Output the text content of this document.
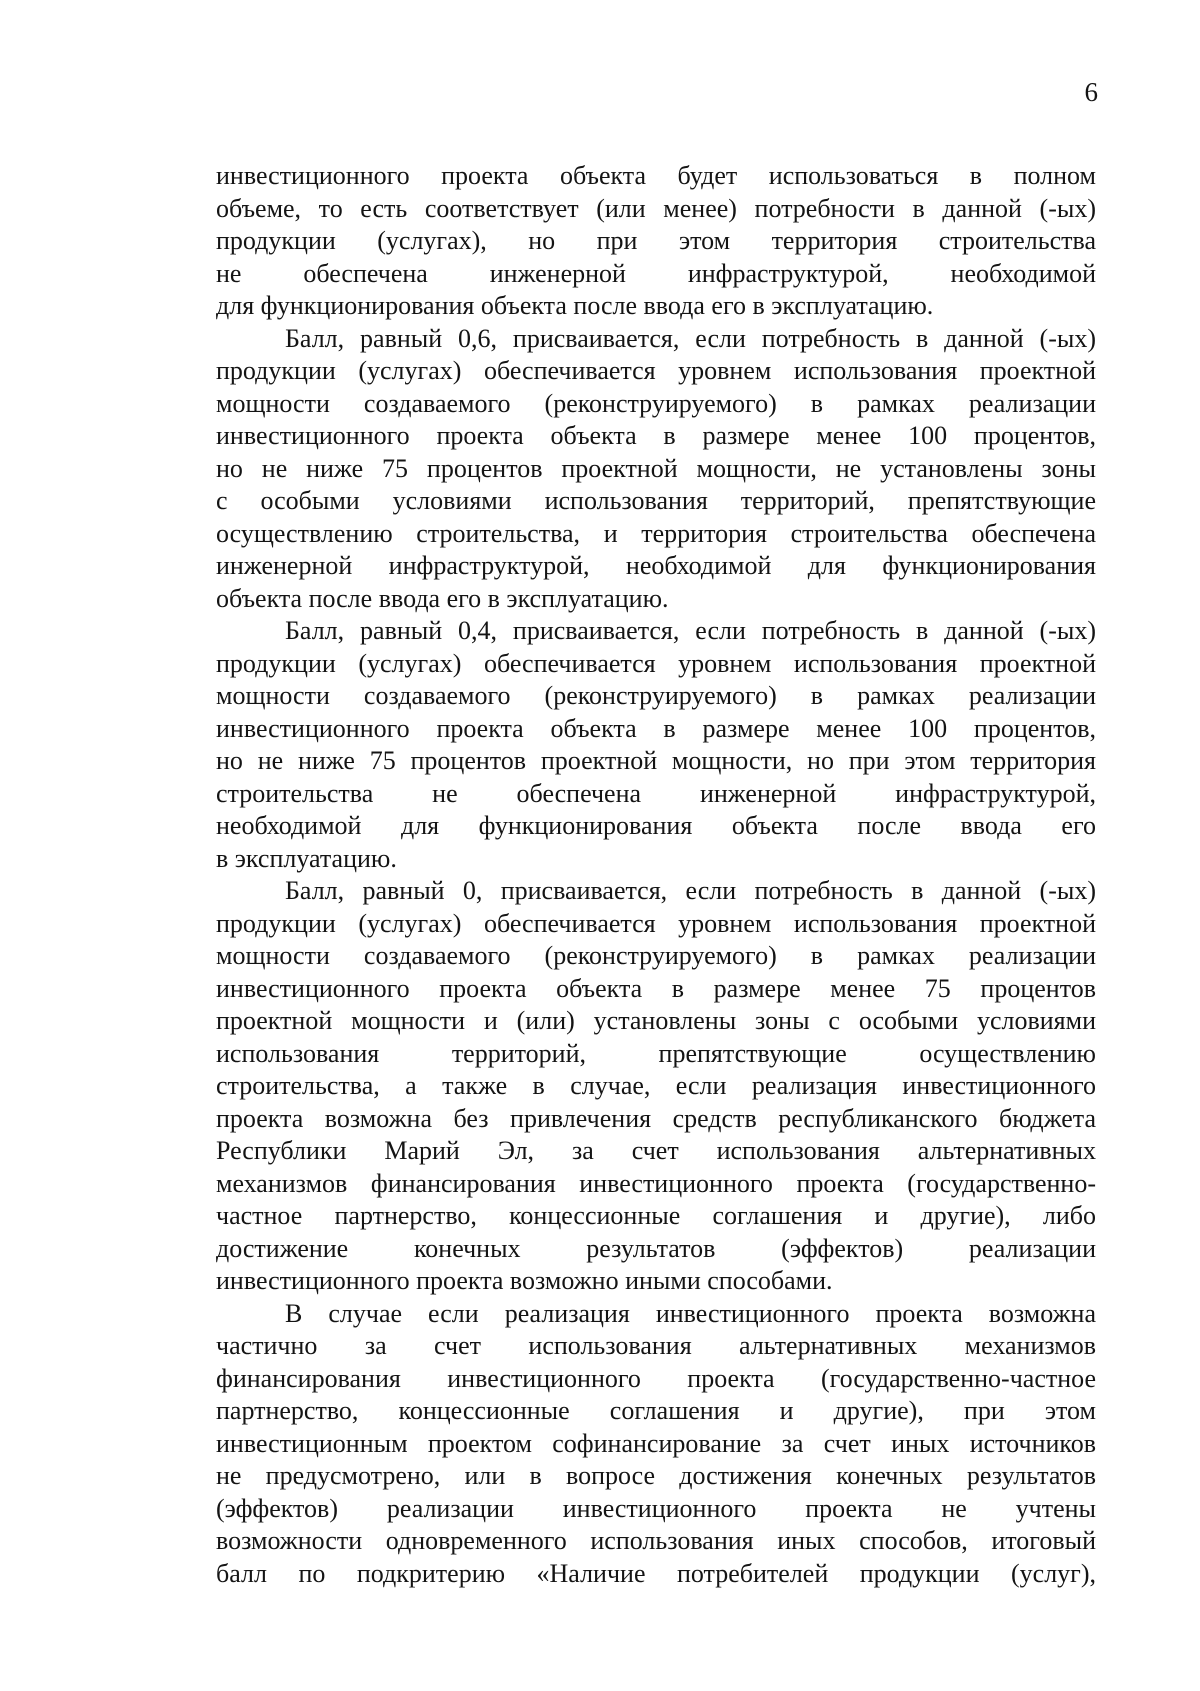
6
инвестиционного проекта объекта будет использоваться в полном
объеме, то есть соответствует (или менее) потребности в данной (-ых)
продукции (услугах), но при этом территория строительства
не обеспечена инженерной инфраструктурой, необходимой
для функционирования объекта после ввода его в эксплуатацию.
Балл, равный 0,6, присваивается, если потребность в данной (-ых)
продукции (услугах) обеспечивается уровнем использования проектной
мощности создаваемого (реконструируемого) в рамках реализации
инвестиционного проекта объекта в размере менее 100 процентов,
но не ниже 75 процентов проектной мощности, не установлены зоны
с особыми условиями использования территорий, препятствующие
осуществлению строительства, и территория строительства обеспечена
инженерной инфраструктурой, необходимой для функционирования
объекта после ввода его в эксплуатацию.
Балл, равный 0,4, присваивается, если потребность в данной (-ых)
продукции (услугах) обеспечивается уровнем использования проектной
мощности создаваемого (реконструируемого) в рамках реализации
инвестиционного проекта объекта в размере менее 100 процентов,
но не ниже 75 процентов проектной мощности, но при этом территория
строительства не обеспечена инженерной инфраструктурой,
необходимой для функционирования объекта после ввода его
в эксплуатацию.
Балл, равный 0, присваивается, если потребность в данной (-ых)
продукции (услугах) обеспечивается уровнем использования проектной
мощности создаваемого (реконструируемого) в рамках реализации
инвестиционного проекта объекта в размере менее 75 процентов
проектной мощности и (или) установлены зоны с особыми условиями
использования территорий, препятствующие осуществлению
строительства, а также в случае, если реализация инвестиционного
проекта возможна без привлечения средств республиканского бюджета
Республики Марий Эл, за счет использования альтернативных
механизмов финансирования инвестиционного проекта (государственно-
частное партнерство, концессионные соглашения и другие), либо
достижение конечных результатов (эффектов) реализации
инвестиционного проекта возможно иными способами.
В случае если реализация инвестиционного проекта возможна
частично за счет использования альтернативных механизмов
финансирования инвестиционного проекта (государственно-частное
партнерство, концессионные соглашения и другие), при этом
инвестиционным проектом софинансирование за счет иных источников
не предусмотрено, или в вопросе достижения конечных результатов
(эффектов) реализации инвестиционного проекта не учтены
возможности одновременного использования иных способов, итоговый
балл по подкритерию «Наличие потребителей продукции (услуг),
